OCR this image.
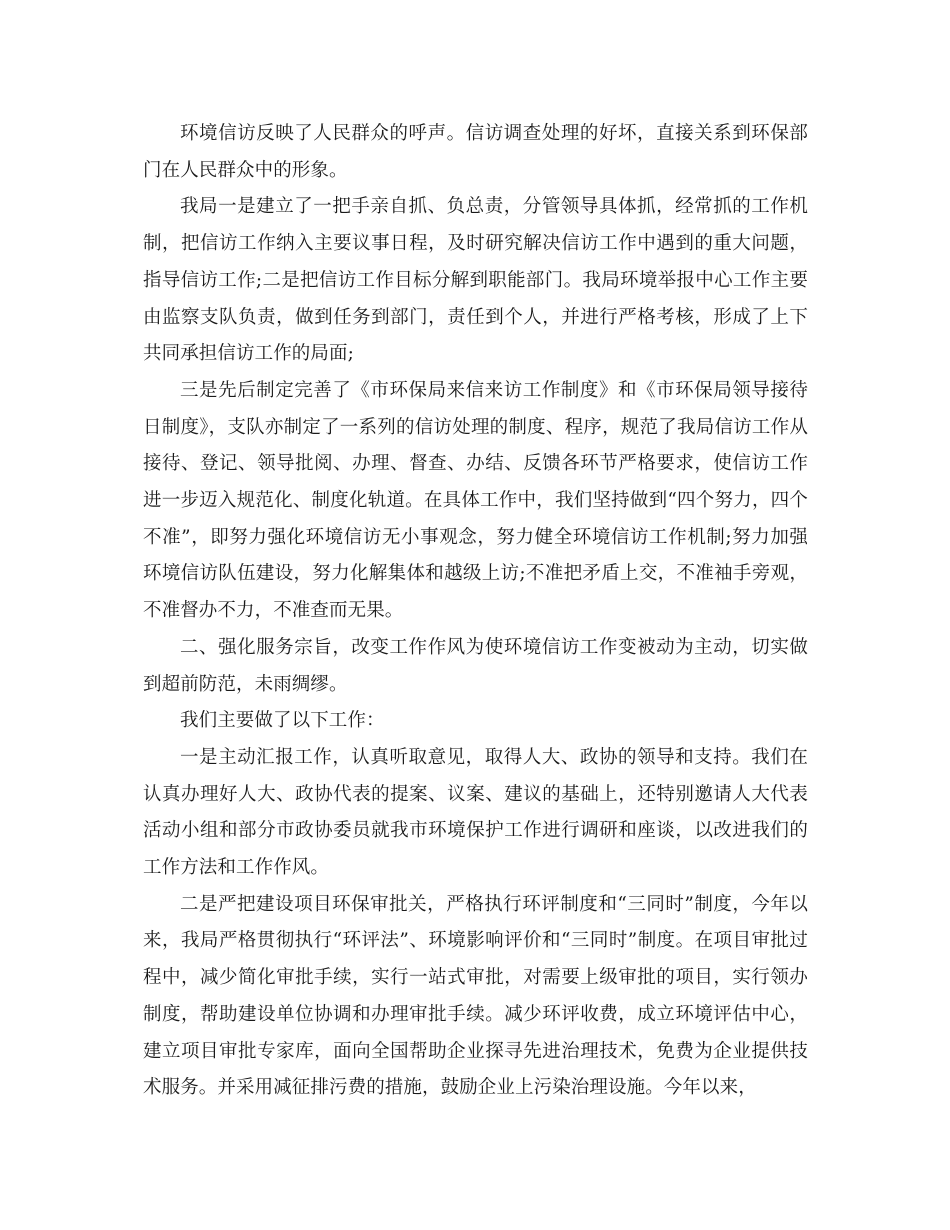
环境信访反映了人民群众的呼声。信访调查处理的好坏，直接关系到环保部门在人民群众中的形象。

我局一是建立了一把手亲自抓、负总责，分管领导具体抓，经常抓的工作机制，把信访工作纳入主要议事日程，及时研究解决信访工作中遇到的重大问题，指导信访工作;二是把信访工作目标分解到职能部门。我局环境举报中心工作主要由监察支队负责，做到任务到部门，责任到个人，并进行严格考核，形成了上下共同承担信访工作的局面;

三是先后制定完善了《市环保局来信来访工作制度》和《市环保局领导接待日制度》，支队亦制定了一系列的信访处理的制度、程序，规范了我局信访工作从接待、登记、领导批阅、办理、督查、办结、反馈各环节严格要求，使信访工作进一步迈入规范化、制度化轨道。在具体工作中，我们坚持做到“四个努力，四个不准”，即努力强化环境信访无小事观念，努力健全环境信访工作机制;努力加强环境信访队伍建设，努力化解集体和越级上访;不准把矛盾上交，不准袖手旁观，不准督办不力，不准查而无果。

二、强化服务宗旨，改变工作作风为使环境信访工作变被动为主动，切实做到超前防范，未雨绸缪。

我们主要做了以下工作：

一是主动汇报工作，认真听取意见，取得人大、政协的领导和支持。我们在认真办理好人大、政协代表的提案、议案、建议的基础上，还特别邀请人大代表活动小组和部分市政协委员就我市环境保护工作进行调研和座谈，以改进我们的工作方法和工作作风。

二是严把建设项目环保审批关，严格执行环评制度和“三同时”制度，今年以来，我局严格贯彻执行“环评法”、环境影响评价和“三同时”制度。在项目审批过程中，减少简化审批手续，实行一站式审批，对需要上级审批的项目，实行领办制度，帮助建设单位协调和办理审批手续。减少环评收费，成立环境评估中心，建立项目审批专家库，面向全国帮助企业探寻先进治理技术，免费为企业提供技术服务。并采用减征排污费的措施，鼓励企业上污染治理设施。今年以来，
